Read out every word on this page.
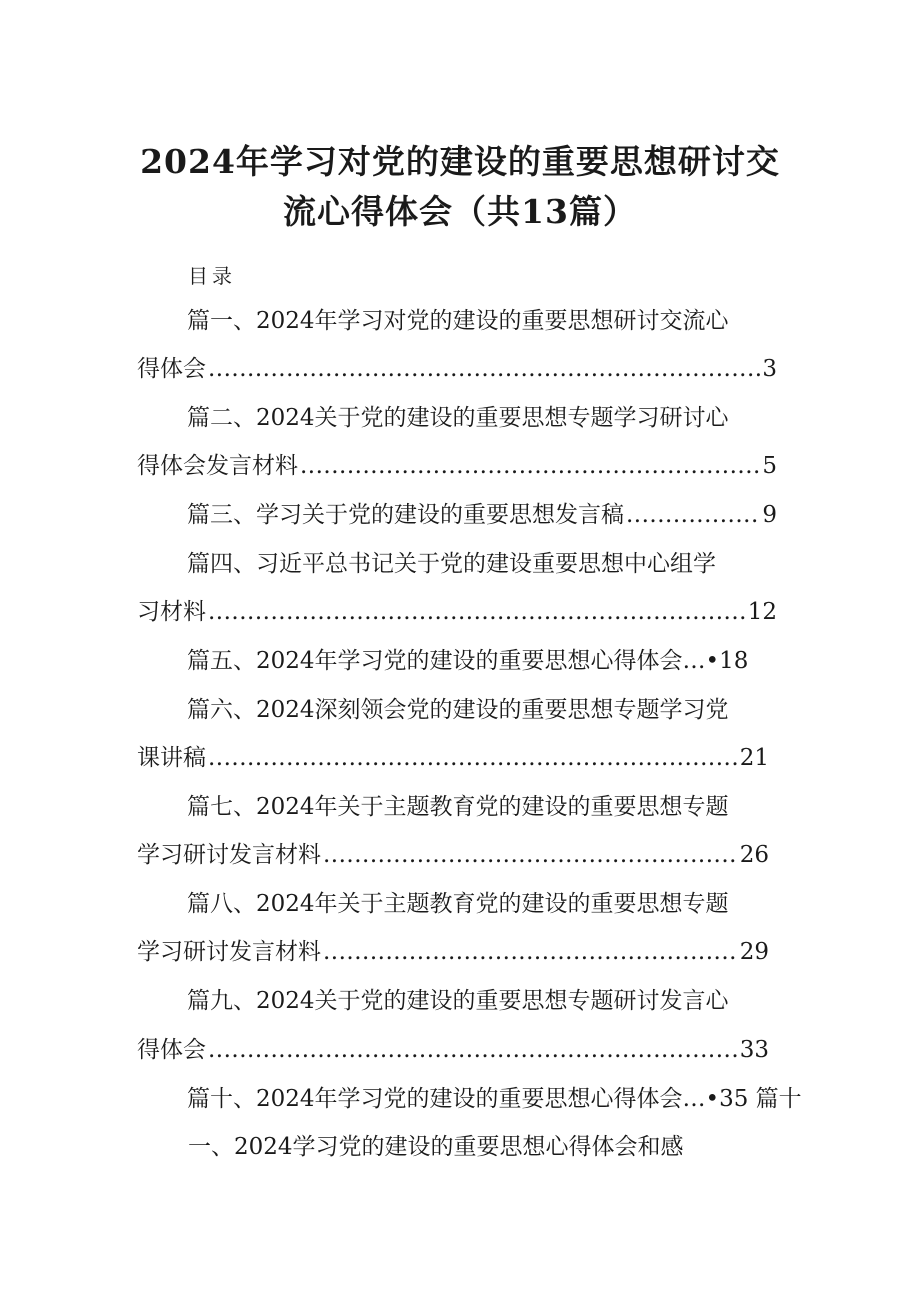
2024年学习对党的建设的重要思想研讨交
流心得体会（共13篇）
目录
篇一、2024年学习对党的建设的重要思想研讨交流心
得体会 .....	3
篇二、2024关于党的建设的重要思想专题学习研讨心
得体会发言材料 .....	5
篇三、学习关于党的建设的重要思想发言稿 .....	9
篇四、习近平总书记关于党的建设重要思想中心组学
习材料 .....	12
篇五、2024年学习党的建设的重要思想心得体会…•18
篇六、2024深刻领会党的建设的重要思想专题学习党
课讲稿 .....	21
篇七、2024年关于主题教育党的建设的重要思想专题
学习研讨发言材料 .....	26
篇八、2024年关于主题教育党的建设的重要思想专题
学习研讨发言材料 .....	29
篇九、2024关于党的建设的重要思想专题研讨发言心
得体会 .....	33
篇十、2024年学习党的建设的重要思想心得体会…•35 篇十
一、2024学习党的建设的重要思想心得体会和感
